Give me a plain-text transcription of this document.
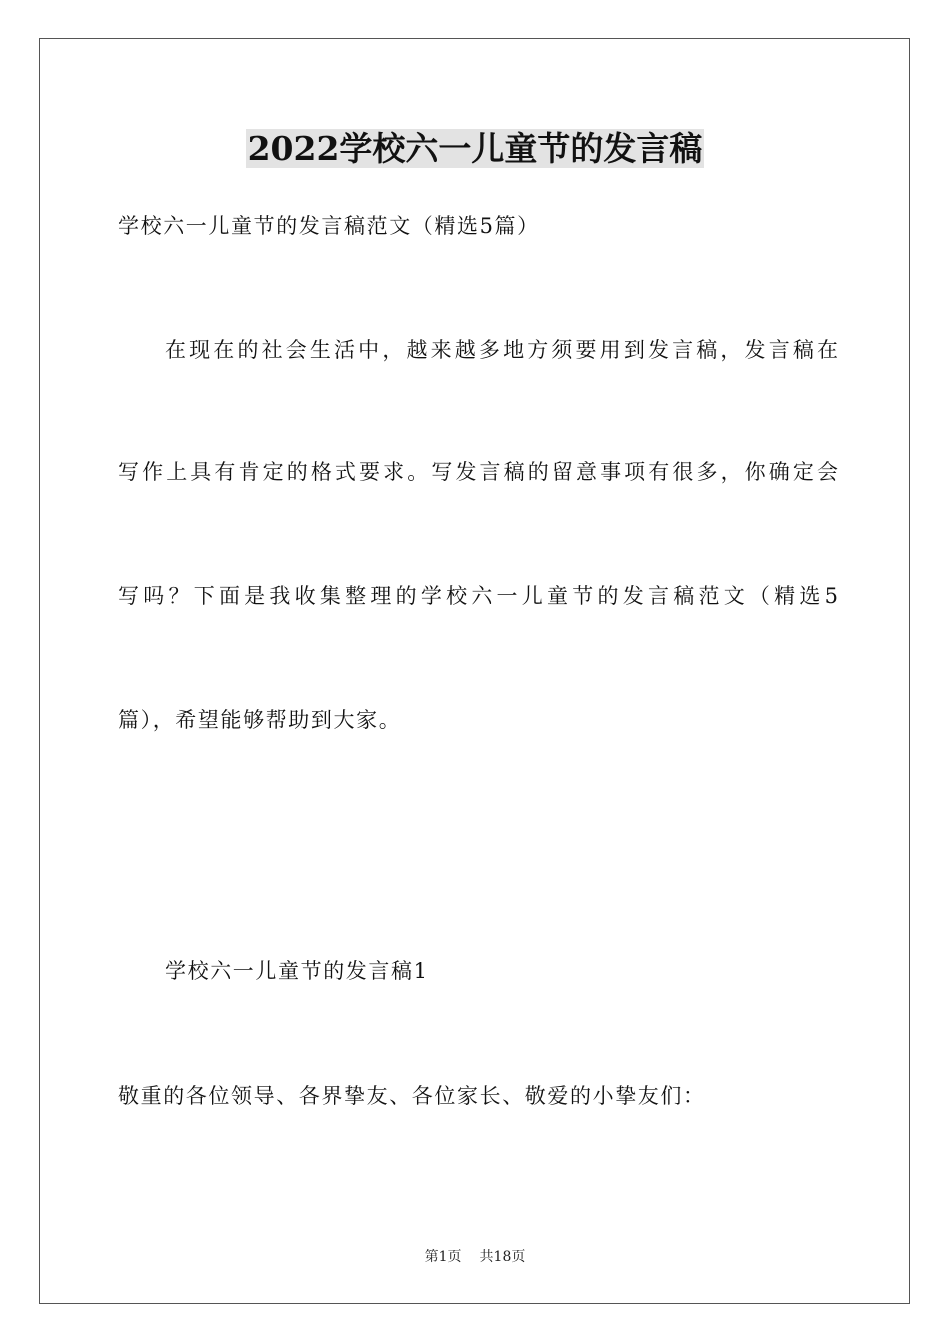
2022学校六一儿童节的发言稿
学校六一儿童节的发言稿范文（精选5篇）
在现在的社会生活中，越来越多地方须要用到发言稿，发言稿在
写作上具有肯定的格式要求。写发言稿的留意事项有很多，你确定会
写吗？下面是我收集整理的学校六一儿童节的发言稿范文（精选5
篇），希望能够帮助到大家。
学校六一儿童节的发言稿1
敬重的各位领导、各界挚友、各位家长、敬爱的小挚友们：
第1页 共18页
